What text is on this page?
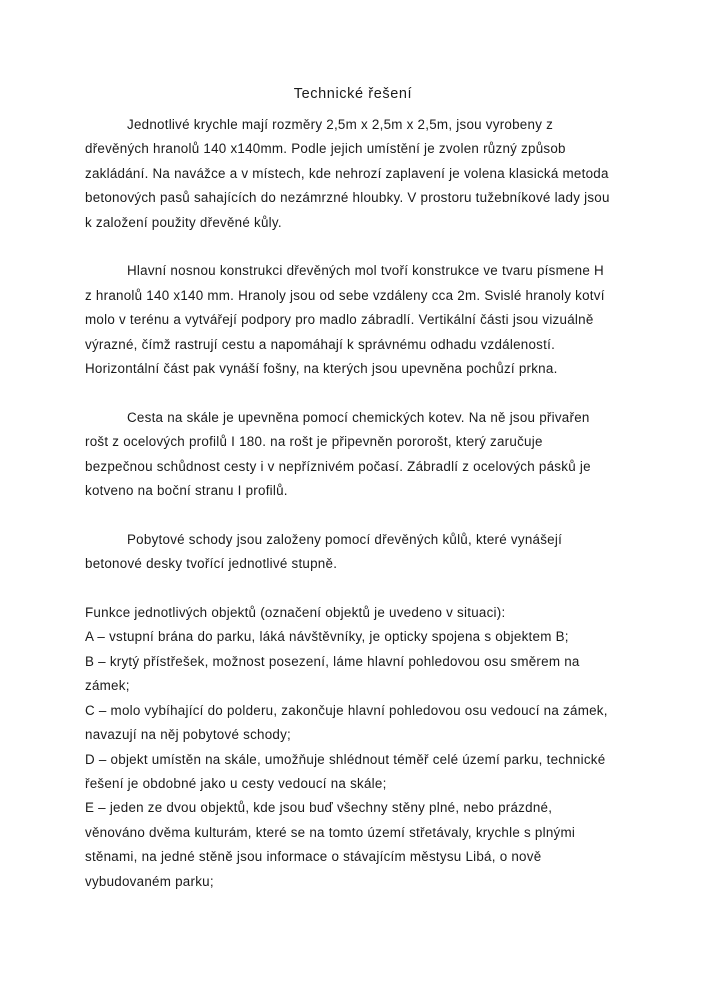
Technické řešení

Jednotlivé krychle mají rozměry 2,5m x 2,5m x 2,5m, jsou vyrobeny z
dřevěných hranolů 140 x140mm. Podle jejich umístění je zvolen různý způsob
zakládání. Na navážce a v místech, kde nehrozí zaplavení je volena klasická metoda
betonových pasů sahajících do nezámrzné hloubky. V prostoru tužebníkové lady jsou
k založení použity dřevěné kůly.

Hlavní nosnou konstrukci dřevěných mol tvoří konstrukce ve tvaru písmene H
z hranolů 140 x140 mm. Hranoly jsou od sebe vzdáleny cca 2m. Svislé hranoly kotví
molo v terénu a vytvářejí podpory pro madlo zábradlí. Vertikální části jsou vizuálně
výrazné, čímž rastrují cestu a napomáhají k správnému odhadu vzdáleností.
Horizontální část pak vynáší fošny, na kterých jsou upevněna pochůzí prkna.

Cesta na skále je upevněna pomocí chemických kotev. Na ně jsou přivařen
rošt z ocelových profilů I 180. na rošt je připevněn pororošt, který zaručuje
bezpečnou schůdnost cesty i v nepříznivém počasí. Zábradlí z ocelových pásků je
kotveno na boční stranu I profilů.

Pobytové schody jsou založeny pomocí dřevěných kůlů, které vynášejí
betonové desky tvořící jednotlivé stupně.

Funkce jednotlivých objektů (označení objektů je uvedeno v situaci):

A – vstupní brána do parku, láká návštěvníky, je opticky spojena s objektem B;

B – krytý přístřešek, možnost posezení, láme hlavní pohledovou osu směrem na
zámek;

C – molo vybíhající do polderu, zakončuje hlavní pohledovou osu vedoucí na zámek,
navazují na něj pobytové schody;

D – objekt umístěn na skále, umožňuje shlédnout téměř celé území parku, technické
řešení je obdobné jako u cesty vedoucí na skále;

E – jeden ze dvou objektů, kde jsou buď všechny stěny plné, nebo prázdné,
věnováno dvěma kulturám, které se na tomto území střetávaly, krychle s plnými
stěnami, na jedné stěně jsou informace o stávajícím městysu Libá, o nově
vybudovaném parku;
